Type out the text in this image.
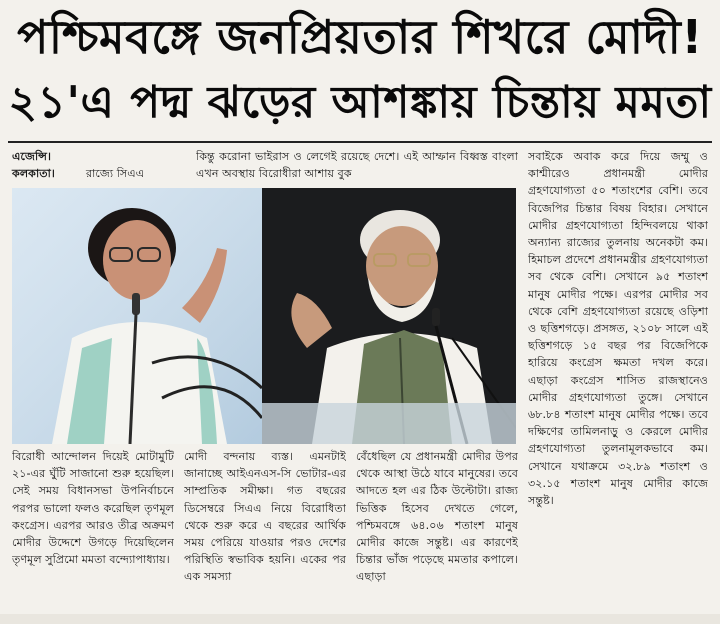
পশ্চিমবঙ্গে জনপ্রিয়তার শিখরে মোদী!
২১'এ পদ্ম ঝড়ের আশঙ্কায় চিন্তায় মমতা

এজেন্সি।

কলকাতা।	রাজ্যে সিএএ

কিন্তু করোনা ভাইরাস ও লেগেই রয়েছে দেশে। এই আম্ফান বিধ্বস্ত বাংলা এখন অবস্থায় বিরোধীরা আশায় বুক

সবাইকে অবাক করে দিয়ে জম্মু ও কাশ্মীরেও প্রধানমন্ত্রী মোদীর গ্রহণযোগ্যতা ৫০ শতাংশের বেশি। তবে বিজেপির চিন্তার বিষয় বিহার। সেখানে মোদীর গ্রহণযোগ্যতা হিন্দিবলয়ে থাকা অন্যান্য রাজ্যের তুলনায় অনেকটা কম। হিমাচল প্রদেশে প্রধানমন্ত্রীর গ্রহণযোগ্যতা সব থেকে বেশি। সেখানে ৯৫ শতাংশ মানুষ মোদীর পক্ষে। এরপর মোদীর সব থেকে বেশি গ্রহণযোগ্যতা রয়েছে ওড়িশা ও ছত্তিশগড়ে। প্রসঙ্গত, ২১০৮ সালে এই ছত্তিশগড়ে ১৫ বছর পর বিজেপিকে হারিয়ে কংগ্রেস ক্ষমতা দখল করে। এছাড়া কংগ্রেস শাসিত রাজস্থানেও মোদীর গ্রহণযোগ্যতা তুঙ্গে। সেখানে ৬৮.৮৪ শতাংশ মানুষ মোদীর পক্ষে। তবে দক্ষিণের তামিলনাড়ু ও কেরলে মোদীর গ্রহণযোগ্যতা তুলনামূলকভাবে কম। সেখানে যথাক্রমে ৩২.৮৯ শতাংশ ও ৩২.১৫ শতাংশ মানুষ মোদীর কাজে সন্তুষ্ট।

বিরোধী আন্দোলন দিয়েই মোটামুটি ২১-এর ঘুঁটি সাজানো শুরু হয়েছিল। সেই সময় বিধানসভা উপনির্বাচনে পরপর ভালো ফলও করেছিল তৃণমূল কংগ্রেস। এরপর আরও তীব্র অক্রমণ মোদীর উদ্দেশে উগড়ে দিয়েছিলেন তৃণমূল সুপ্রিমো মমতা বন্দ্যোপাধ্যায়।

মোদী বন্দনায় ব্যস্ত। এমনটাই জানাচ্ছে আইএনএস-সি ভোটার-এর সাম্প্রতিক সমীক্ষা। গত বছরের ডিসেম্বরে সিএএ নিয়ে বিরোধিতা থেকে শুরু করে এ বছরের আর্থিক সময় পেরিয়ে যাওয়ার পরও দেশের পরিস্থিতি স্বভাবিক হয়নি। একের পর এক সমস্যা

বেঁধেছিল যে প্রধানমন্ত্রী মোদীর উপর থেকে আস্থা উঠে যাবে মানুষের। তবে আদতে হল এর ঠিক উল্টোটা। রাজ্য ভিত্তিক হিসেব দেখতে গেলে, পশ্চিমবঙ্গে ৬৪.০৬ শতাংশ মানুষ মোদীর কাজে সন্তুষ্ট। এর কারণেই চিন্তার ভাঁজ পড়েছে মমতার কপালে। এছাড়া
